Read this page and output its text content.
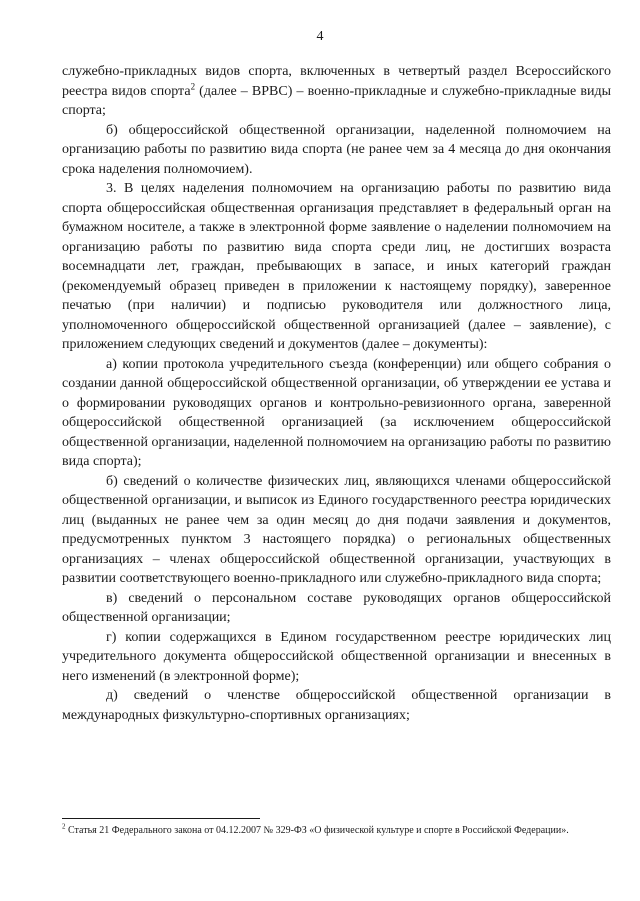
4

служебно-прикладных видов спорта, включенных в четвертый раздел Всероссийского реестра видов спорта$^2$ (далее – ВРВС) – военно-прикладные и служебно-прикладные виды спорта;

б) общероссийской общественной организации, наделенной полномочием на организацию работы по развитию вида спорта (не ранее чем за 4 месяца до дня окончания срока наделения полномочием).

3. В целях наделения полномочием на организацию работы по развитию вида спорта общероссийская общественная организация представляет в федеральный орган на бумажном носителе, а также в электронной форме заявление о наделении полномочием на организацию работы по развитию вида спорта среди лиц, не достигших возраста восемнадцати лет, граждан, пребывающих в запасе, и иных категорий граждан (рекомендуемый образец приведен в приложении к настоящему порядку), заверенное печатью (при наличии) и подписью руководителя или должностного лица, уполномоченного общероссийской общественной организацией (далее – заявление), с приложением следующих сведений и документов (далее – документы):

а) копии протокола учредительного съезда (конференции) или общего собрания о создании данной общероссийской общественной организации, об утверждении ее устава и о формировании руководящих органов и контрольно-ревизионного органа, заверенной общероссийской общественной организацией (за исключением общероссийской общественной организации, наделенной полномочием на организацию работы по развитию вида спорта);

б) сведений о количестве физических лиц, являющихся членами общероссийской общественной организации, и выписок из Единого государственного реестра юридических лиц (выданных не ранее чем за один месяц до дня подачи заявления и документов, предусмотренных пунктом 3 настоящего порядка) о региональных общественных организациях – членах общероссийской общественной организации, участвующих в развитии соответствующего военно-прикладного или служебно-прикладного вида спорта;

в) сведений о персональном составе руководящих органов общероссийской общественной организации;

г) копии содержащихся в Едином государственном реестре юридических лиц учредительного документа общероссийской общественной организации и внесенных в него изменений (в электронной форме);

д) сведений о членстве общероссийской общественной организации в международных физкультурно-спортивных организациях;

$^2$ Статья 21 Федерального закона от 04.12.2007 № 329-ФЗ «О физической культуре и спорте в Российской Федерации».
